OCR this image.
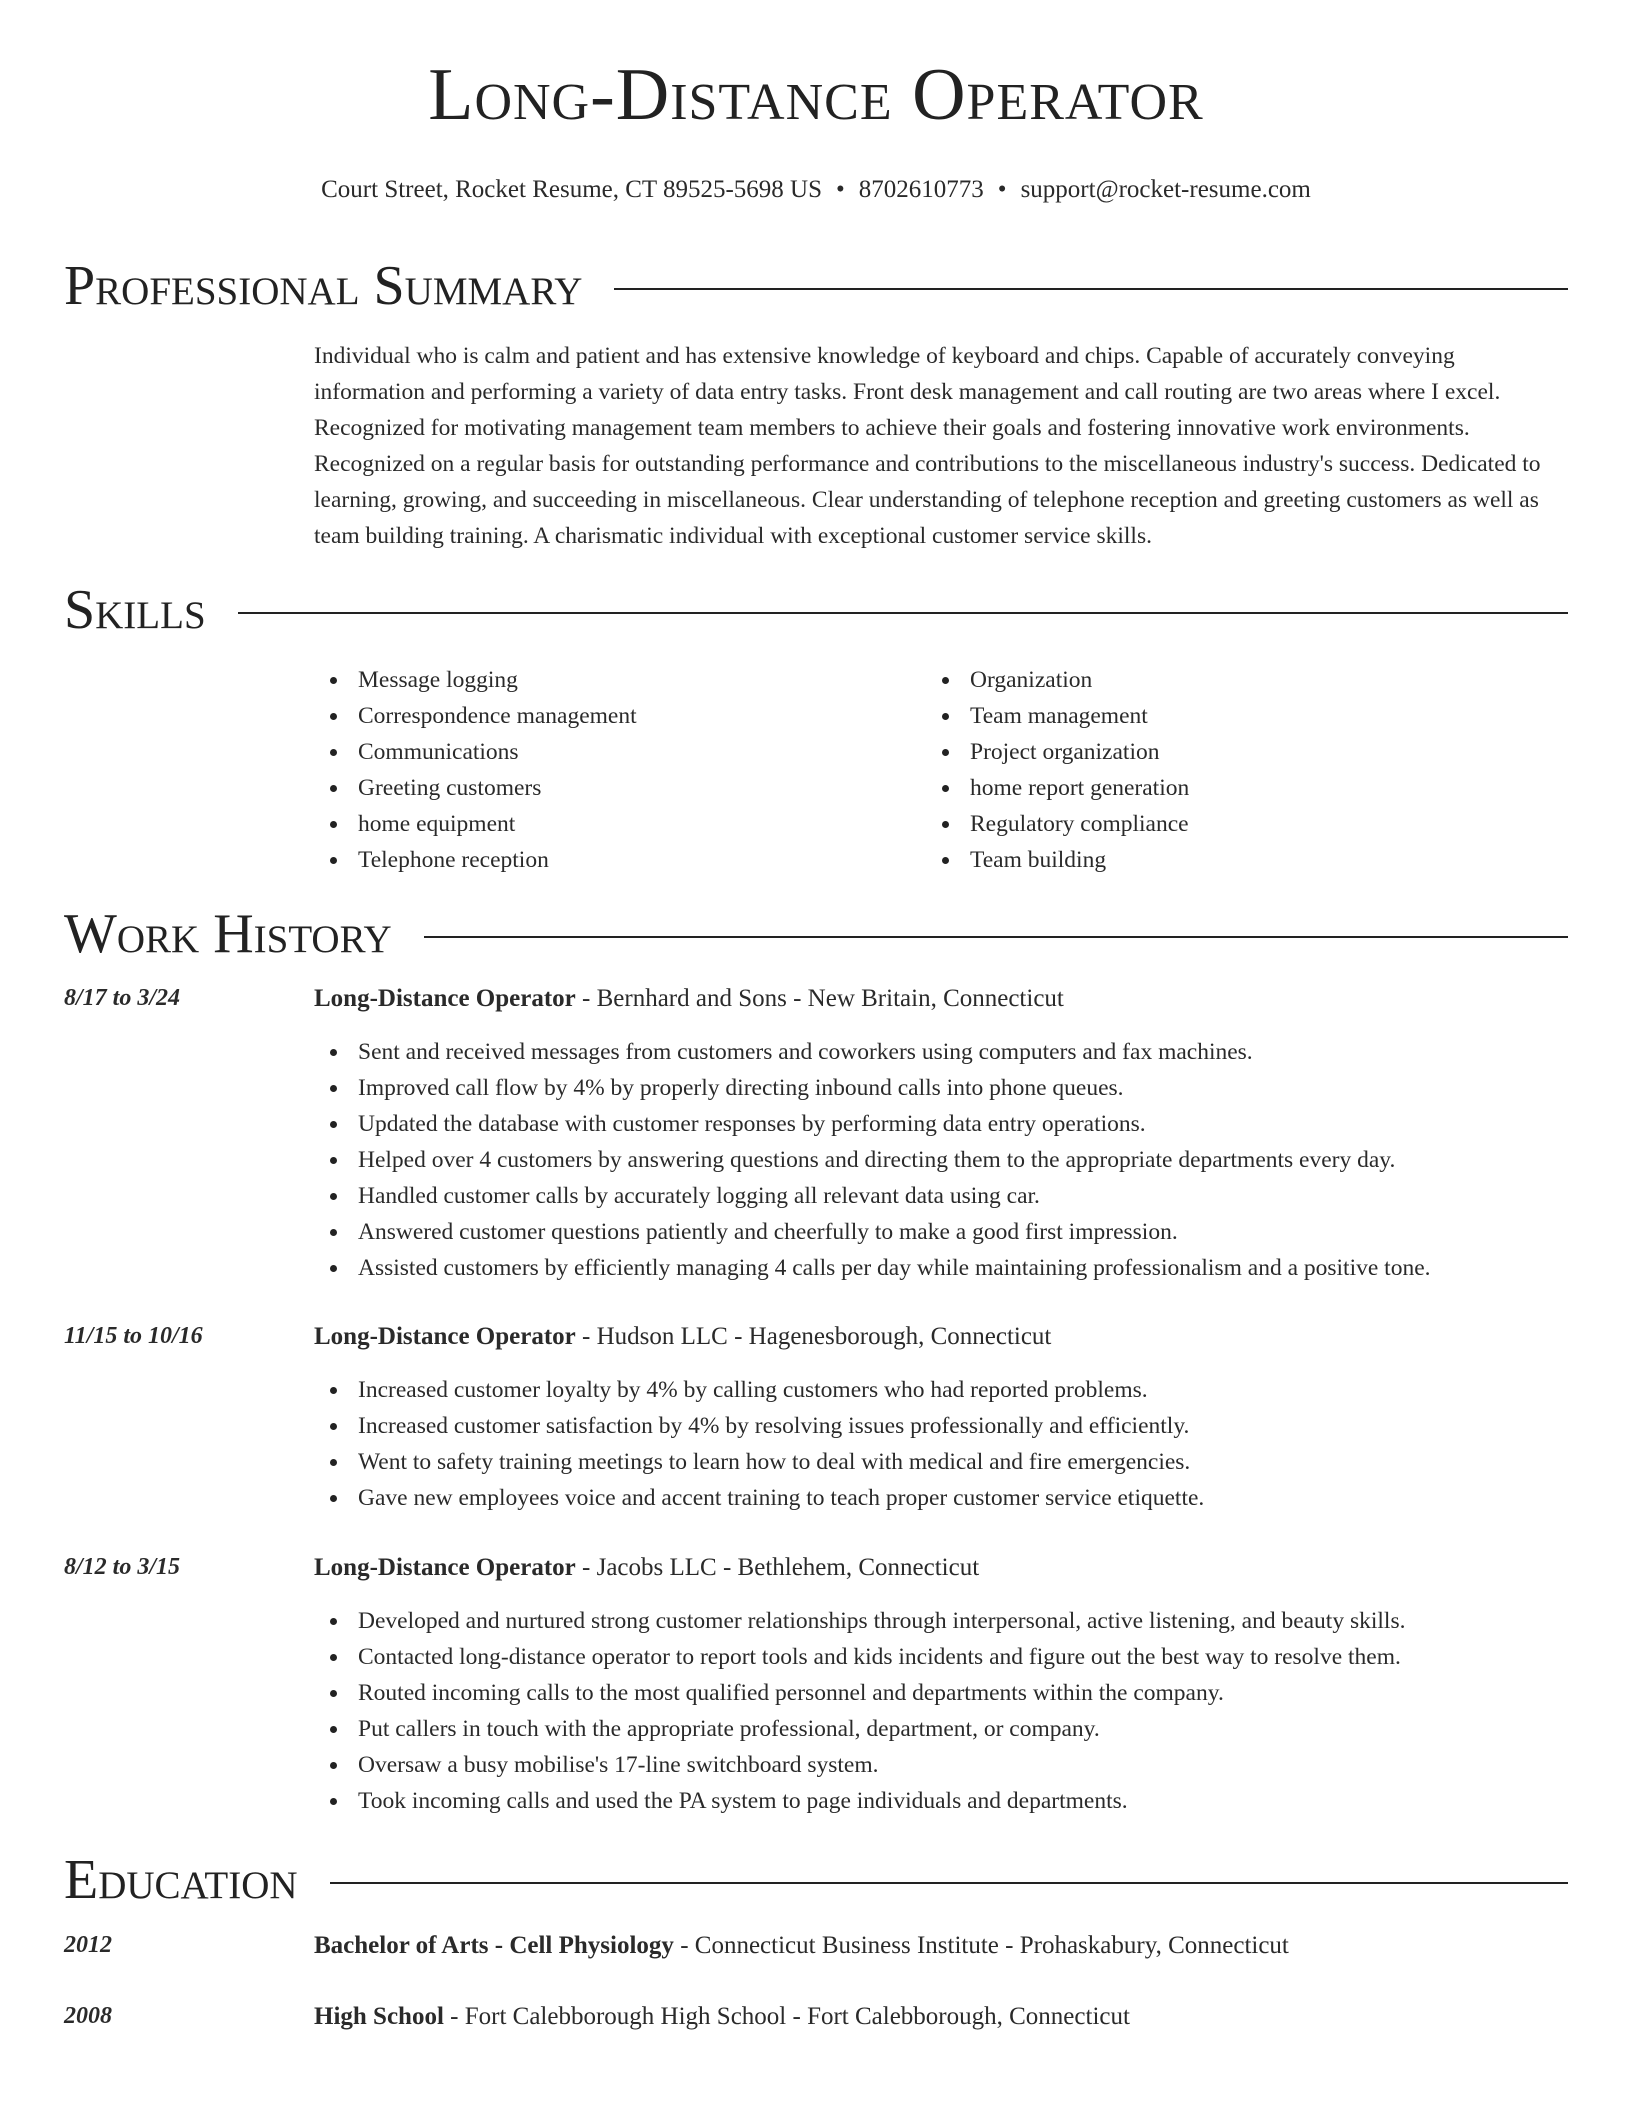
Long-Distance Operator
Court Street, Rocket Resume, CT 89525-5698 US • 8702610773 • support@rocket-resume.com
Professional Summary

Individual who is calm and patient and has extensive knowledge of keyboard and chips. Capable of accurately conveying information and performing a variety of data entry tasks. Front desk management and call routing are two areas where I excel. Recognized for motivating management team members to achieve their goals and fostering innovative work environments. Recognized on a regular basis for outstanding performance and contributions to the miscellaneous industry's success. Dedicated to learning, growing, and succeeding in miscellaneous. Clear understanding of telephone reception and greeting customers as well as team building training. A charismatic individual with exceptional customer service skills.

Skills
Message logging
Correspondence management
Communications
Greeting customers
home equipment
Telephone reception
Organization
Team management
Project organization
home report generation
Regulatory compliance
Team building
Work History
8/17 to 3/24	Long-Distance Operator - Bernhard and Sons - New Britain, Connecticut
Sent and received messages from customers and coworkers using computers and fax machines.
Improved call flow by 4% by properly directing inbound calls into phone queues.
Updated the database with customer responses by performing data entry operations.
Helped over 4 customers by answering questions and directing them to the appropriate departments every day.
Handled customer calls by accurately logging all relevant data using car.
Answered customer questions patiently and cheerfully to make a good first impression.
Assisted customers by efficiently managing 4 calls per day while maintaining professionalism and a positive tone.
11/15 to 10/16	Long-Distance Operator - Hudson LLC - Hagenesborough, Connecticut
Increased customer loyalty by 4% by calling customers who had reported problems.
Increased customer satisfaction by 4% by resolving issues professionally and efficiently.
Went to safety training meetings to learn how to deal with medical and fire emergencies.
Gave new employees voice and accent training to teach proper customer service etiquette.
8/12 to 3/15	Long-Distance Operator - Jacobs LLC - Bethlehem, Connecticut
Developed and nurtured strong customer relationships through interpersonal, active listening, and beauty skills.
Contacted long-distance operator to report tools and kids incidents and figure out the best way to resolve them.
Routed incoming calls to the most qualified personnel and departments within the company.
Put callers in touch with the appropriate professional, department, or company.
Oversaw a busy mobilise's 17-line switchboard system.
Took incoming calls and used the PA system to page individuals and departments.
Education
2012	Bachelor of Arts - Cell Physiology - Connecticut Business Institute - Prohaskabury, Connecticut
2008	High School - Fort Calebborough High School - Fort Calebborough, Connecticut
